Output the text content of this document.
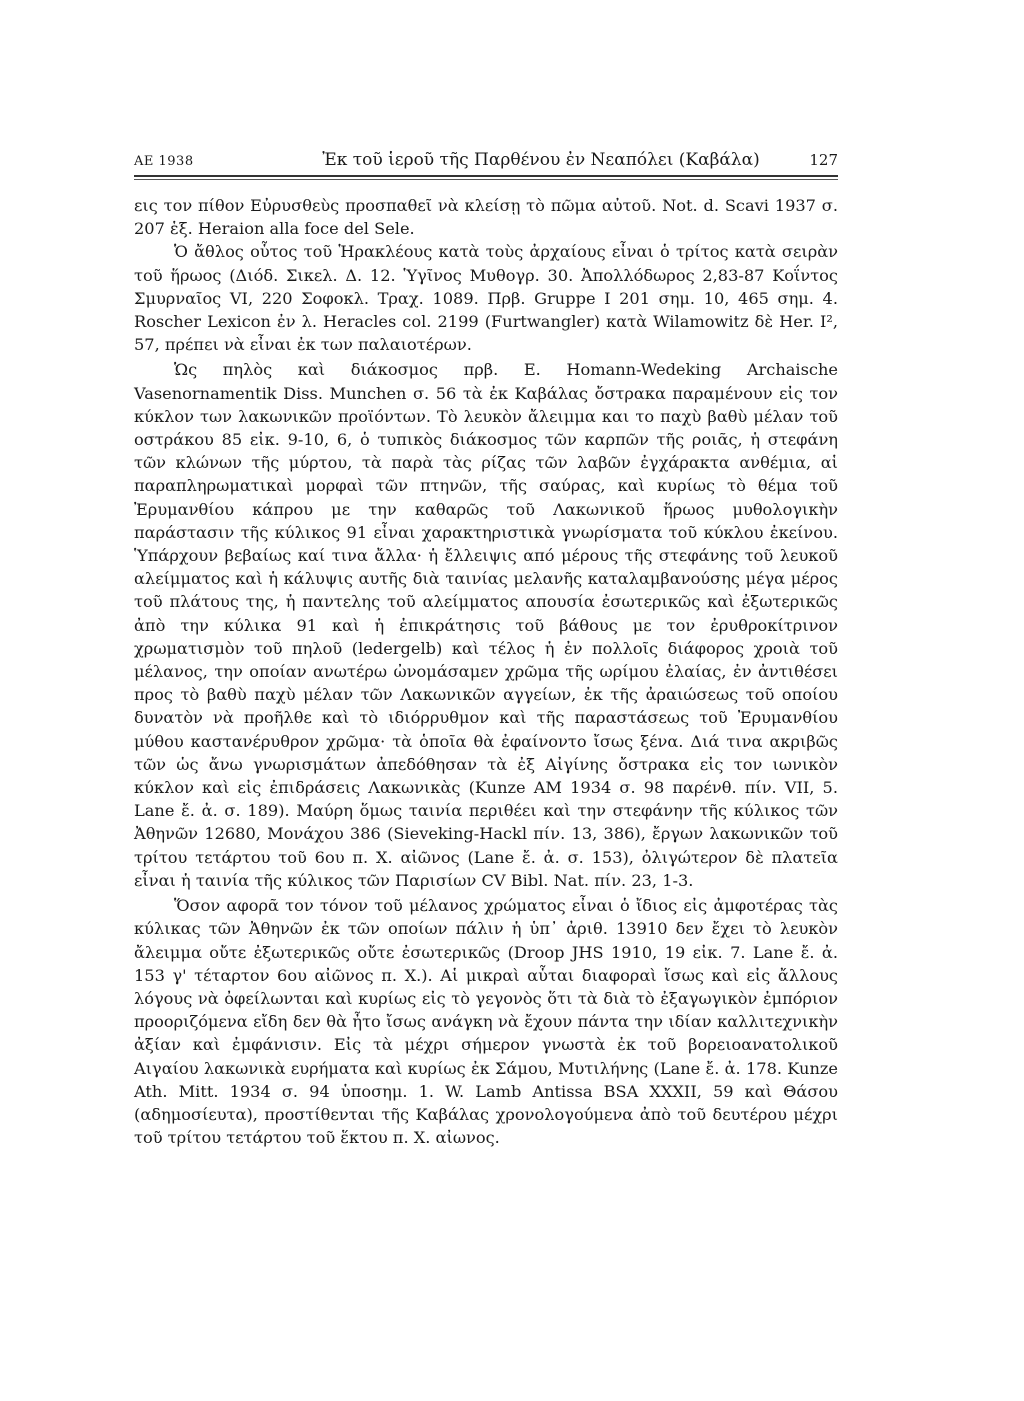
ΑΕ 1938	Ἐκ τοῦ ἱεροῦ τῆς Παρθένου ἐν Νεαπόλει (Καβάλα)	127

εις τον πίθον Εὐρυσθεὺς προσπαθεῖ νὰ κλείσῃ τὸ πῶμα αὐτοῦ. Not. d. Scavi 1937 σ. 207 ἑξ. Heraion alla foce del Sele.

Ὁ ἄθλος οὗτος τοῦ Ἡρακλέους κατὰ τοὺς ἀρχαίους εἶναι ὁ τρίτος κατὰ σειρὰν τοῦ ἥρωος (Διόδ. Σικελ. Δ. 12. Ὑγῖνος Μυθογρ. 30. Ἀπολλόδωρος 2,83-87 Κοΐντος Σμυρναῖος VI, 220 Σοφοκλ. Τραχ. 1089. Πρβ. Gruppe I 201 σημ. 10, 465 σημ. 4. Roscher Lexicon ἐν λ. Heracles col. 2199 (Furtwangler) κατὰ Wilamowitz δὲ Her. I², 57, πρέπει νὰ εἶναι ἐκ των παλαιοτέρων.

Ὡς πηλὸς καὶ διάκοσμος πρβ. E. Homann-Wedeking Archaische Vasenornamentik Diss. Munchen σ. 56 τὰ ἐκ Καβάλας ὄστρακα παραμένουν εἰς τον κύκλον των λακωνικῶν προϊόντων. Τὸ λευκὸν ἄλειμμα και το παχὺ βαθὺ μέλαν τοῦ οστράκου 85 εἰκ. 9-10, 6, ὁ τυπικὸς διάκοσμος τῶν καρπῶν τῆς ροιᾶς, ἡ στεφάνη τῶν κλώνων τῆς μύρτου, τὰ παρὰ τὰς ρίζας τῶν λαβῶν ἐγχάρακτα ανθέμια, αἱ παραπληρωματικαὶ μορφαὶ τῶν πτηνῶν, τῆς σαύρας, καὶ κυρίως τὸ θέμα τοῦ Ἐρυμανθίου κάπρου με την καθαρῶς τοῦ Λακωνικοῦ ἥρωος μυθολογικὴν παράστασιν τῆς κύλικος 91 εἶναι χαρακτηριστικὰ γνωρίσματα τοῦ κύκλου ἐκείνου. Ὑπάρχουν βεβαίως καί τινα ἄλλα· ἡ ἔλλειψις από μέρους τῆς στεφάνης τοῦ λευκοῦ αλείμματος καὶ ἡ κάλυψις αυτῆς διὰ ταινίας μελανῆς καταλαμβανούσης μέγα μέρος τοῦ πλάτους της, ἡ παντελης τοῦ αλείμματος απουσία ἐσωτερικῶς καὶ ἐξωτερικῶς ἀπὸ την κύλικα 91 καὶ ἡ ἐπικράτησις τοῦ βάθους με τον ἐρυθροκίτρινον χρωματισμὸν τοῦ πηλοῦ (ledergelb) καὶ τέλος ἡ ἐν πολλοῖς διάφορος χροιὰ τοῦ μέλανος, την οποίαν ανωτέρω ὠνομάσαμεν χρῶμα τῆς ωρίμου ἐλαίας, ἐν ἀντιθέσει προς τὸ βαθὺ παχὺ μέλαν τῶν Λακωνικῶν αγγείων, ἐκ τῆς ἀραιώσεως τοῦ οποίου δυνατὸν νὰ προῆλθε καὶ τὸ ιδιόρρυθμον καὶ τῆς παραστάσεως τοῦ Ἐρυμανθίου μύθου καστανέρυθρον χρῶμα· τὰ ὁποῖα θὰ ἐφαίνοντο ἴσως ξένα. Διά τινα ακριβῶς τῶν ὡς ἄνω γνωρισμάτων ἀπεδόθησαν τὰ ἐξ Αἰγίνης ὄστρακα εἰς τον ιωνικὸν κύκλον καὶ εἰς ἐπιδράσεις Λακωνικὰς (Kunze AM 1934 σ. 98 παρένθ. πίν. VII, 5. Lane ἔ. ἀ. σ. 189). Μαύρη ὅμως ταινία περιθέει καὶ την στεφάνην τῆς κύλικος τῶν Ἀθηνῶν 12680, Μονάχου 386 (Sieveking-Hackl πίν. 13, 386), ἔργων λακωνικῶν τοῦ τρίτου τετάρτου τοῦ 6ου π. Χ. αἰῶνος (Lane ἔ. ἀ. σ. 153), ὀλιγώτερον δὲ πλατεῖα εἶναι ἡ ταινία τῆς κύλικος τῶν Παρισίων CV Bibl. Nat. πίν. 23, 1-3.

Ὅσον αφορᾶ τον τόνον τοῦ μέλανος χρώματος εἶναι ὁ ἴδιος εἰς ἀμφοτέρας τὰς κύλικας τῶν Ἀθηνῶν ἐκ τῶν οποίων πάλιν ἡ ὑπ᾽ ἀριθ. 13910 δεν ἔχει τὸ λευκὸν ἄλειμμα οὔτε ἐξωτερικῶς οὔτε ἐσωτερικῶς (Droop JHS 1910, 19 εἰκ. 7. Lane ἔ. ἀ. 153 γ' τέταρτον 6ου αἰῶνος π. Χ.). Αἱ μικραὶ αὗται διαφοραὶ ἴσως καὶ εἰς ἄλλους λόγους νὰ ὀφείλωνται καὶ κυρίως εἰς τὸ γεγονὸς ὅτι τὰ διὰ τὸ ἐξαγωγικὸν ἐμπόριον προοριζόμενα εἴδη δεν θὰ ἦτο ἴσως ανάγκη νὰ ἔχουν πάντα την ιδίαν καλλιτεχνικὴν ἀξίαν καὶ ἐμφάνισιν. Εἰς τὰ μέχρι σήμερον γνωστὰ ἐκ τοῦ βορειοανατολικοῦ Αιγαίου λακωνικὰ ευρήματα καὶ κυρίως ἐκ Σάμου, Μυτιλήνης (Lane ἔ. ἀ. 178. Kunze Ath. Mitt. 1934 σ. 94 ὑποσημ. 1. W. Lamb Antissa BSA XXXII, 59 καὶ Θάσου (αδημοσίευτα), προστίθενται τῆς Καβάλας χρονολογούμενα ἀπὸ τοῦ δευτέρου μέχρι τοῦ τρίτου τετάρτου τοῦ ἕκτου π. Χ. αἰωνος.
